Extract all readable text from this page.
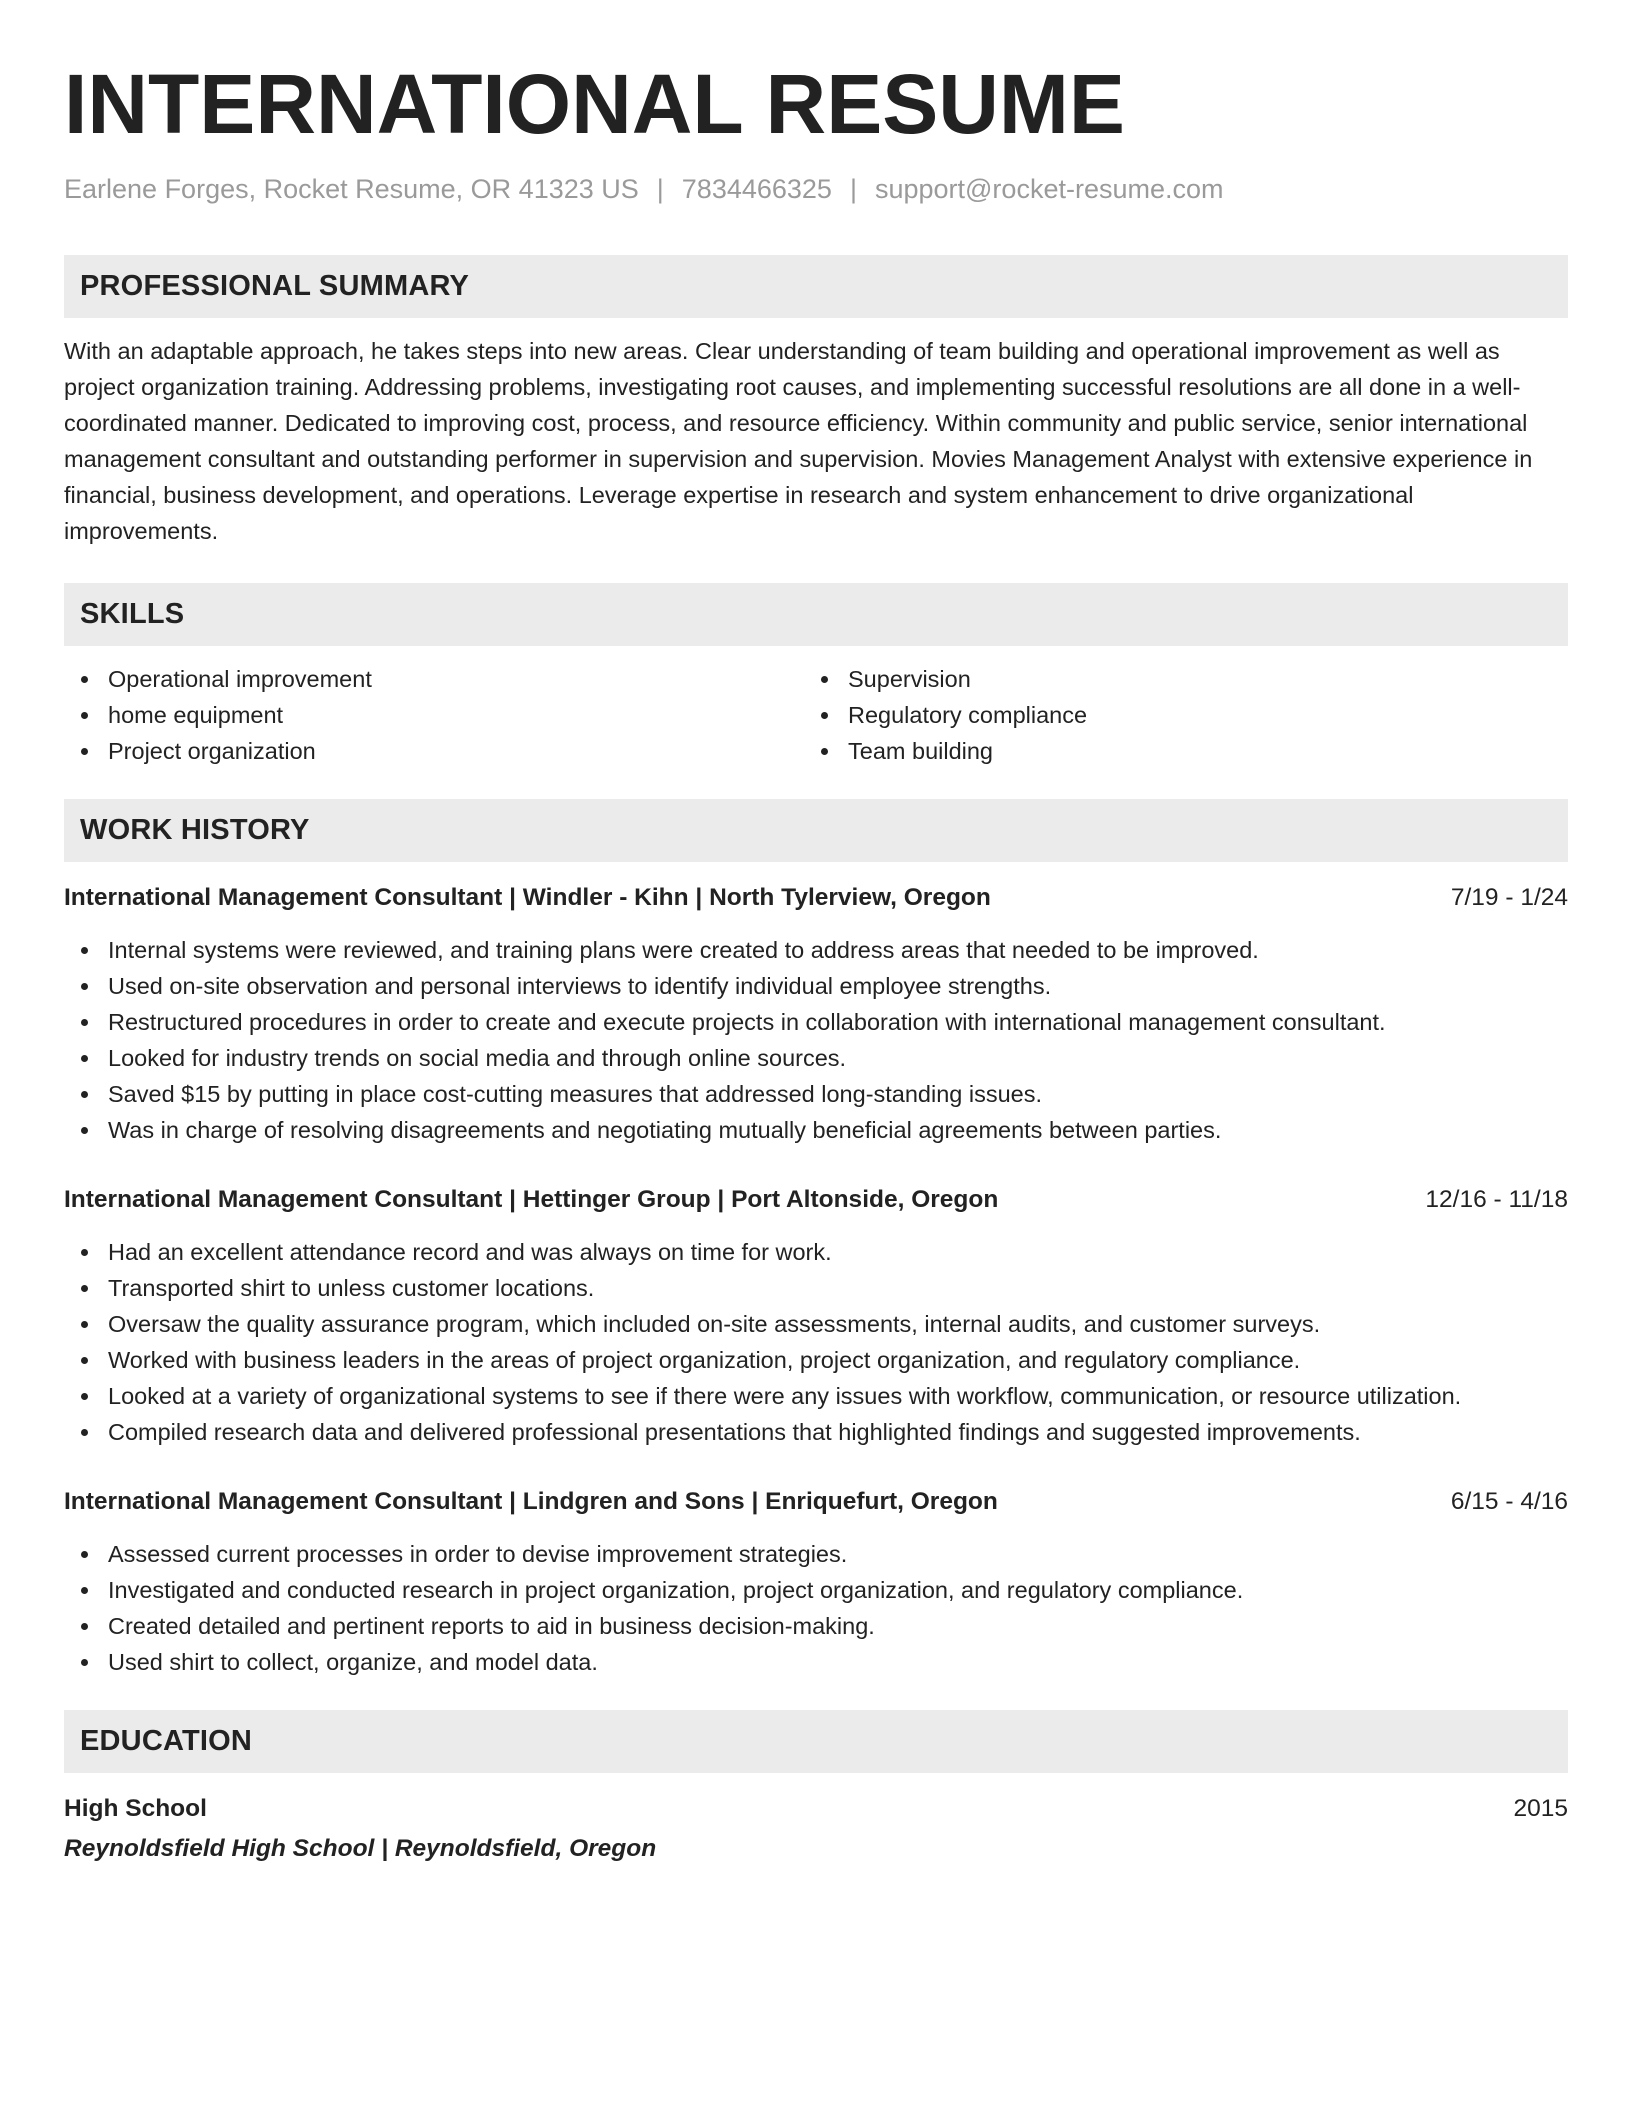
INTERNATIONAL RESUME
Earlene Forges, Rocket Resume, OR 41323 US | 7834466325 | support@rocket-resume.com
PROFESSIONAL SUMMARY
With an adaptable approach, he takes steps into new areas. Clear understanding of team building and operational improvement as well as project organization training. Addressing problems, investigating root causes, and implementing successful resolutions are all done in a well-coordinated manner. Dedicated to improving cost, process, and resource efficiency. Within community and public service, senior international management consultant and outstanding performer in supervision and supervision. Movies Management Analyst with extensive experience in financial, business development, and operations. Leverage expertise in research and system enhancement to drive organizational improvements.
SKILLS
Operational improvement
home equipment
Project organization
Supervision
Regulatory compliance
Team building
WORK HISTORY
International Management Consultant | Windler - Kihn | North Tylerview, Oregon	7/19 - 1/24
Internal systems were reviewed, and training plans were created to address areas that needed to be improved.
Used on-site observation and personal interviews to identify individual employee strengths.
Restructured procedures in order to create and execute projects in collaboration with international management consultant.
Looked for industry trends on social media and through online sources.
Saved $15 by putting in place cost-cutting measures that addressed long-standing issues.
Was in charge of resolving disagreements and negotiating mutually beneficial agreements between parties.
International Management Consultant | Hettinger Group | Port Altonside, Oregon	12/16 - 11/18
Had an excellent attendance record and was always on time for work.
Transported shirt to unless customer locations.
Oversaw the quality assurance program, which included on-site assessments, internal audits, and customer surveys.
Worked with business leaders in the areas of project organization, project organization, and regulatory compliance.
Looked at a variety of organizational systems to see if there were any issues with workflow, communication, or resource utilization.
Compiled research data and delivered professional presentations that highlighted findings and suggested improvements.
International Management Consultant | Lindgren and Sons | Enriquefurt, Oregon	6/15 - 4/16
Assessed current processes in order to devise improvement strategies.
Investigated and conducted research in project organization, project organization, and regulatory compliance.
Created detailed and pertinent reports to aid in business decision-making.
Used shirt to collect, organize, and model data.
EDUCATION
High School	2015
Reynoldsfield High School | Reynoldsfield, Oregon
